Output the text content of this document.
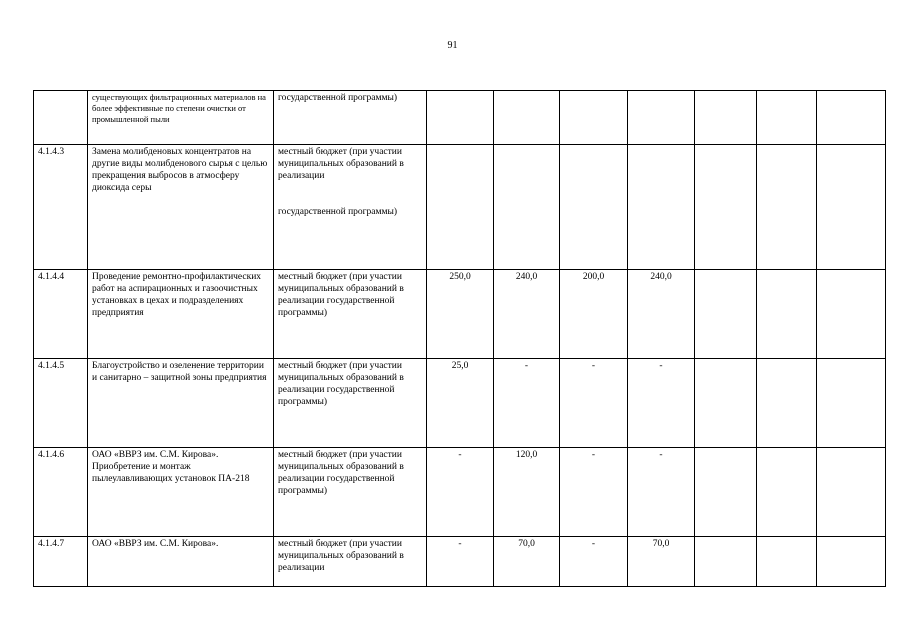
91
	существующих фильтрационных материалов на более эффективные по степени очистки от промышленной пыли	государственной программы)							
4.1.4.3	Замена молибденовых концентратов на другие виды молибденового сырья с целью прекращения выбросов в атмосферу диоксида серы	местный бюджет (при участии муниципальных образований в реализации
государственной программы)							
4.1.4.4	Проведение ремонтно-профилактических работ на аспирационных и газоочистных установках в цехах и подразделениях предприятия	местный бюджет (при участии муниципальных образований в реализации государственной программы)	250,0	240,0	200,0	240,0			
4.1.4.5	Благоустройство и озеленение территории и санитарно – защитной зоны предприятия	местный бюджет (при участии муниципальных образований в реализации государственной программы)	25,0	-	-	-			
4.1.4.6	ОАО «ВВРЗ им. С.М. Кирова». Приобретение и монтаж пылеулавливающих установок ПА-218	местный бюджет (при участии муниципальных образований в реализации государственной программы)	-	120,0	-	-			
4.1.4.7	ОАО «ВВРЗ им. С.М. Кирова».	местный бюджет (при участии муниципальных образований в реализации	-	70,0	-	70,0			
